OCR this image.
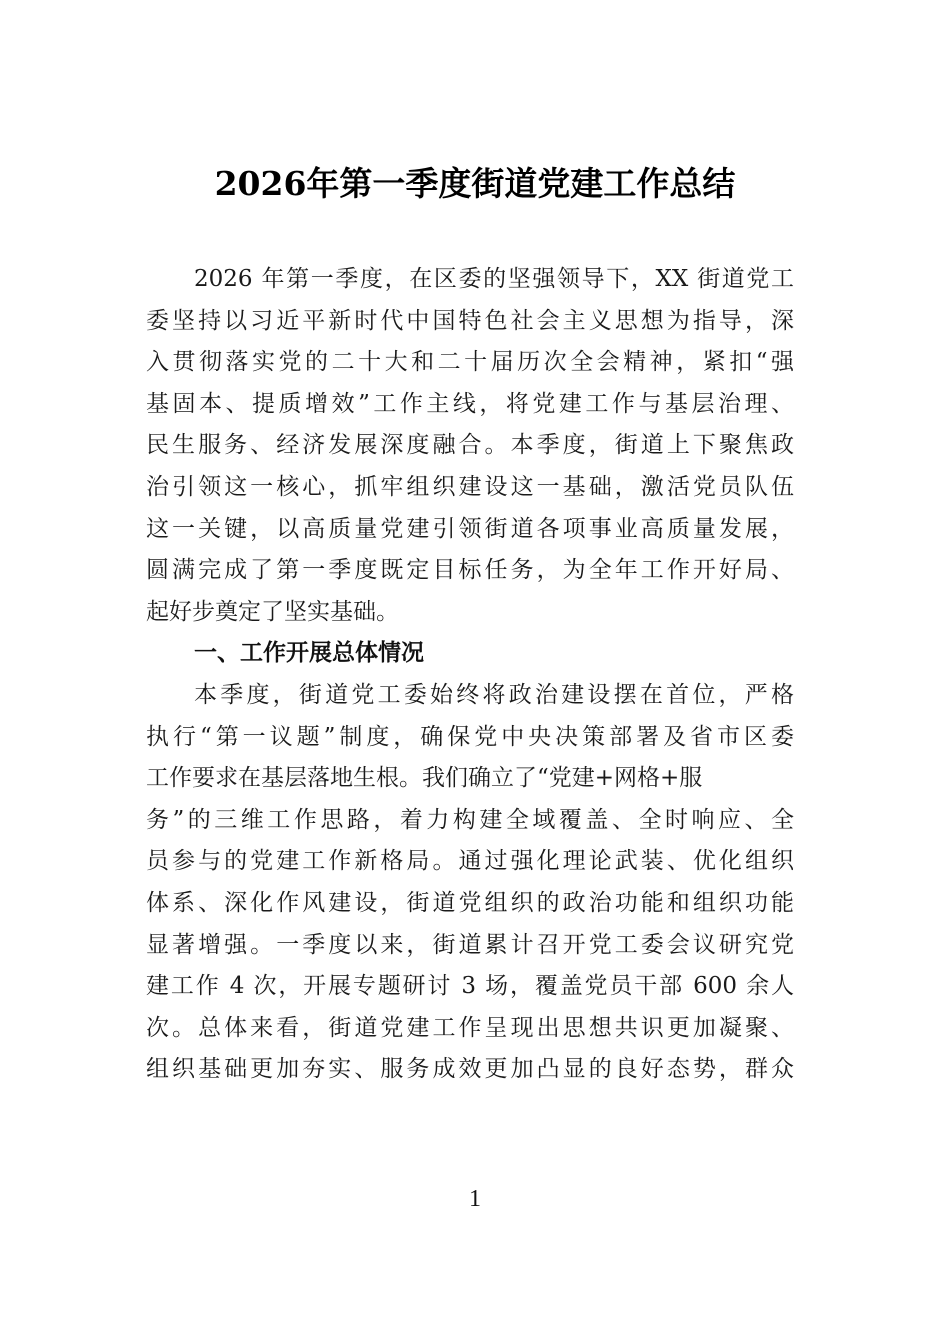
2026年第一季度街道党建工作总结
2026 年第一季度，在区委的坚强领导下，XX 街道党工
委坚持以习近平新时代中国特色社会主义思想为指导，深
入贯彻落实党的二十大和二十届历次全会精神，紧扣“强
基固本、提质增效”工作主线，将党建工作与基层治理、
民生服务、经济发展深度融合。本季度，街道上下聚焦政
治引领这一核心，抓牢组织建设这一基础，激活党员队伍
这一关键，以高质量党建引领街道各项事业高质量发展，
圆满完成了第一季度既定目标任务，为全年工作开好局、
起好步奠定了坚实基础。
一、工作开展总体情况
本季度，街道党工委始终将政治建设摆在首位，严格
执行“第一议题”制度，确保党中央决策部署及省市区委
工作要求在基层落地生根。我们确立了“党建+网格+服
务”的三维工作思路，着力构建全域覆盖、全时响应、全
员参与的党建工作新格局。通过强化理论武装、优化组织
体系、深化作风建设，街道党组织的政治功能和组织功能
显著增强。一季度以来，街道累计召开党工委会议研究党
建工作 4 次，开展专题研讨 3 场，覆盖党员干部 600 余人
次。总体来看，街道党建工作呈现出思想共识更加凝聚、
组织基础更加夯实、服务成效更加凸显的良好态势，群众
1
